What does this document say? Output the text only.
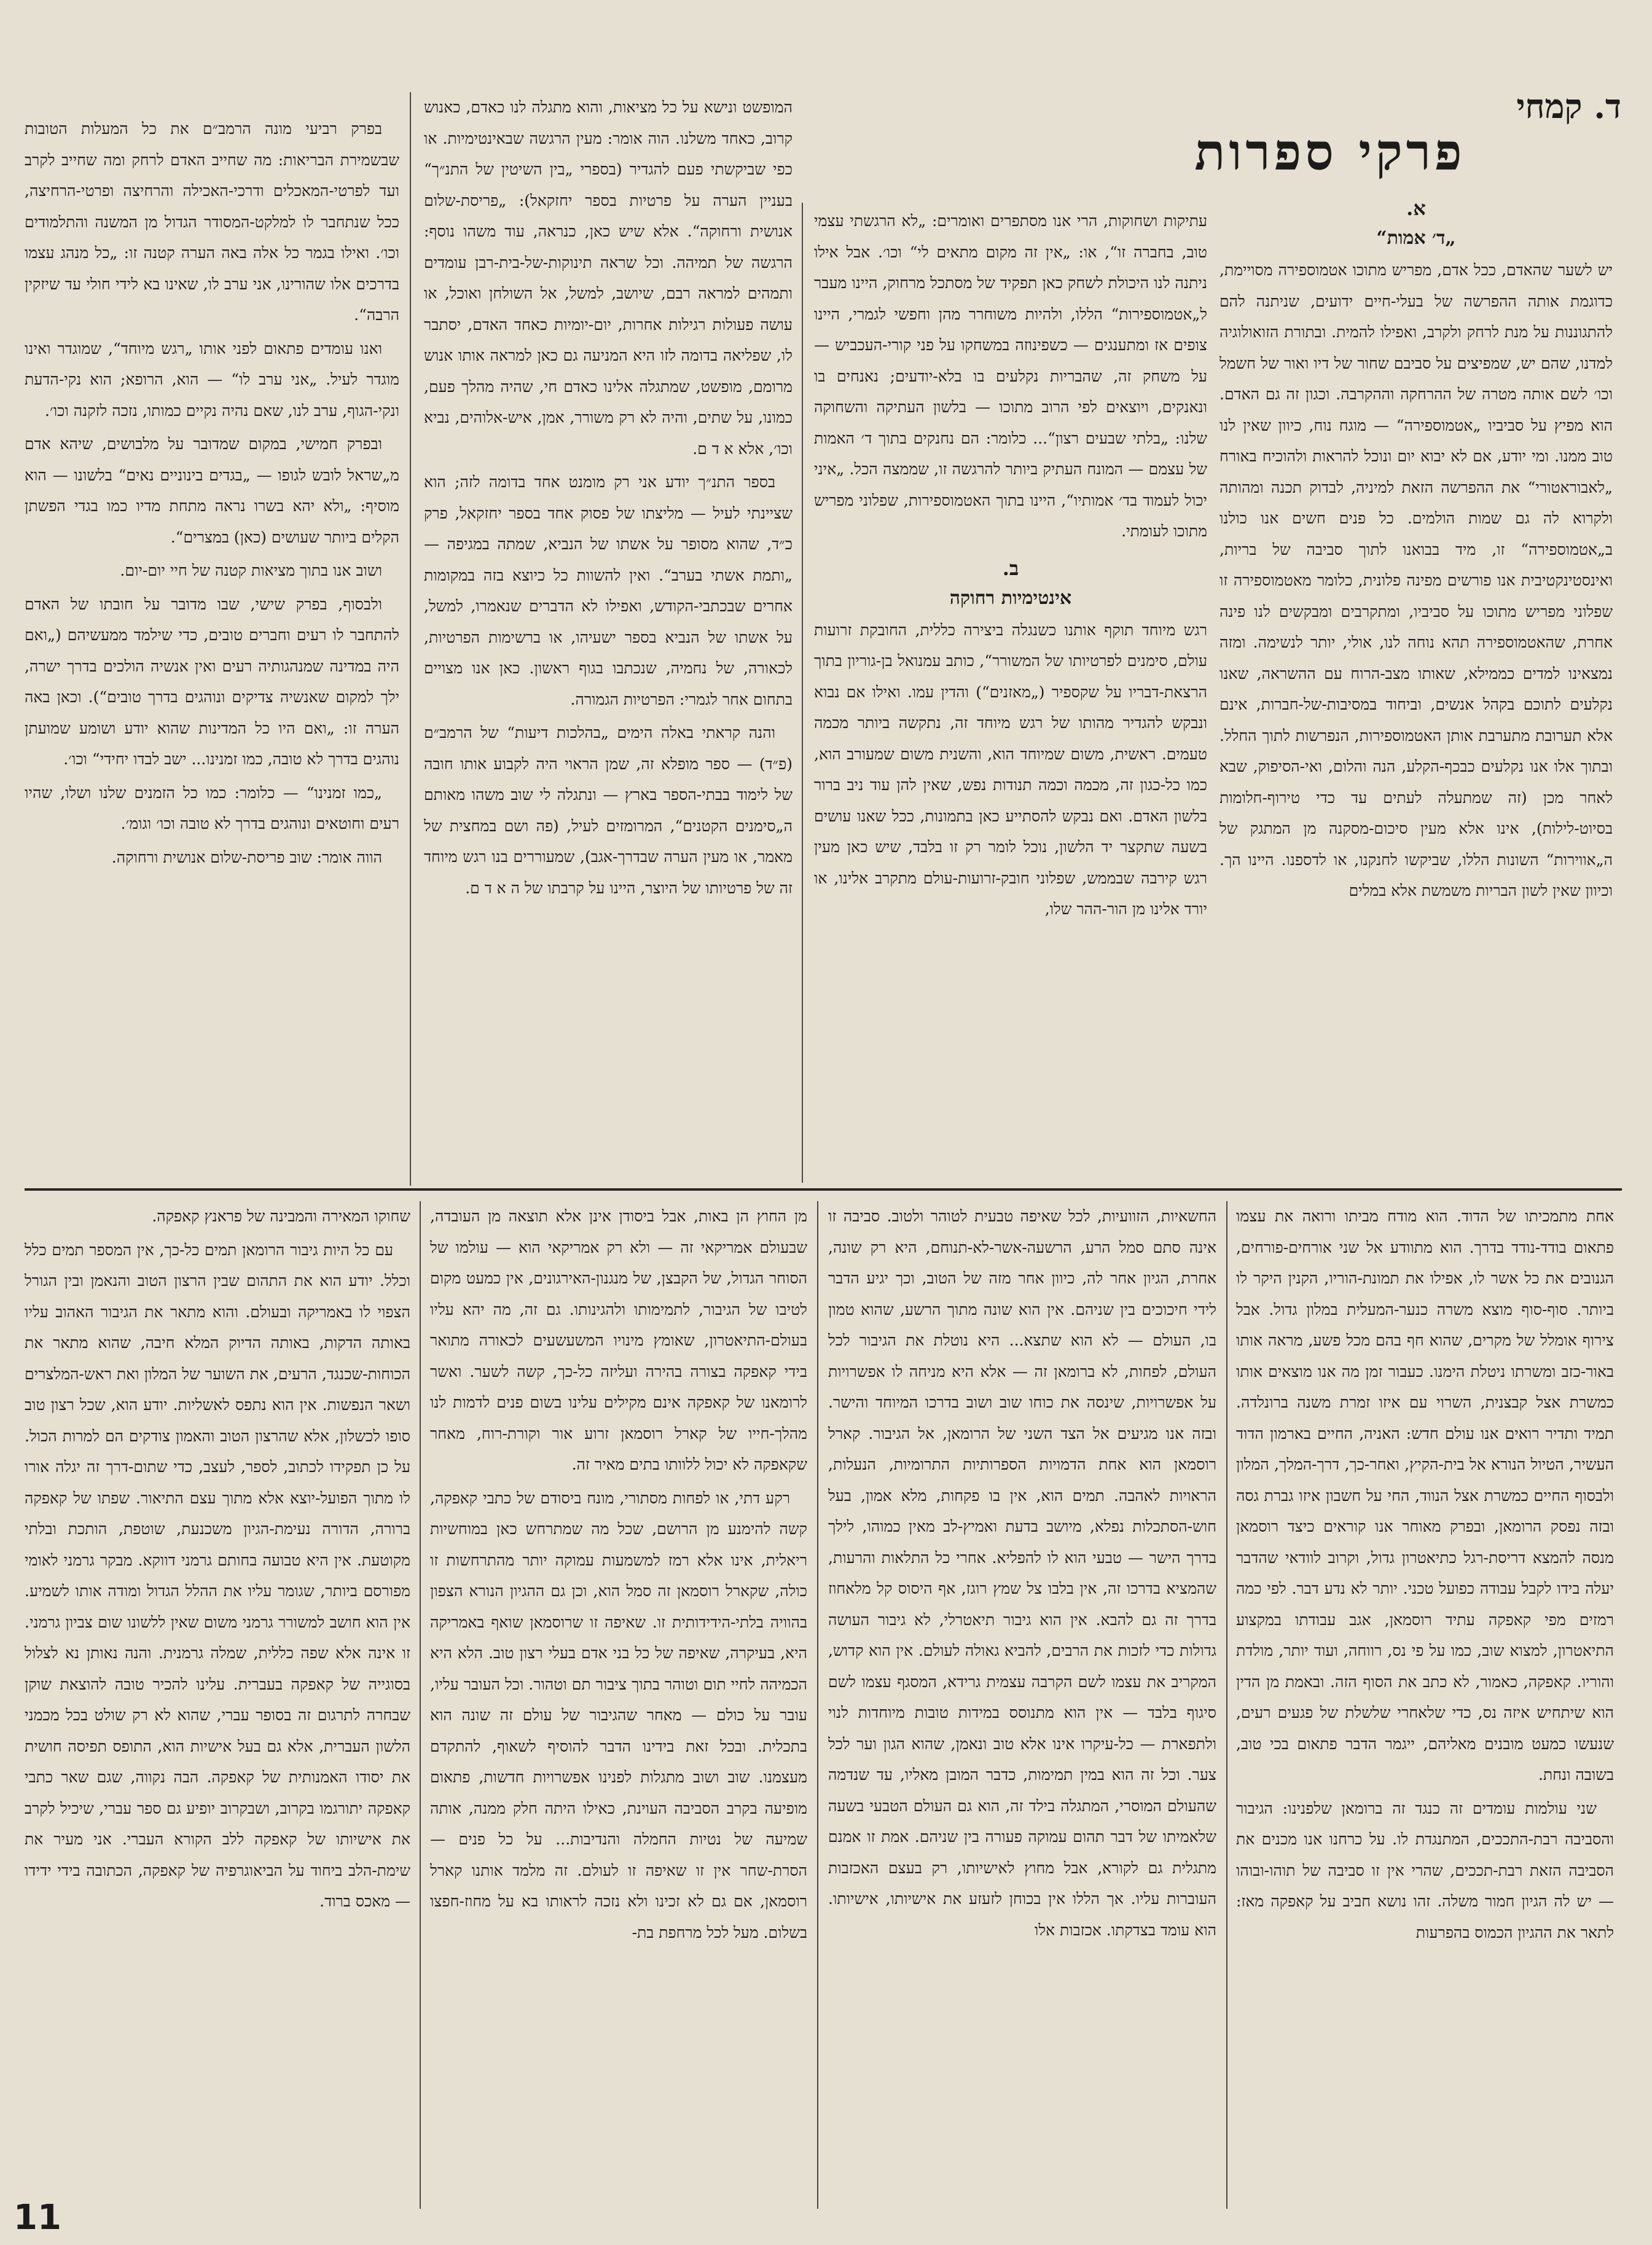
ד. קמחי
פרקי ספרות
א.
„ד׳ אמות“

יש לשער שהאדם, ככל אדם, מפריש מתוכו אטמוספירה מסויימת, כדוגמת אותה ההפרשה של בעלי-חיים ידועים, שניתנה להם להתגוננות על מנת לרחק ולקרב, ואפילו להמית. ובתורת הזואולוגיה למדנו, שהם יש, שמפיצים על סביבם שחור של דיו ואור של חשמל וכו׳ לשם אותה מטרה של ההרחקה וההקרבה. וכגון זה גם האדם. הוא מפיץ על סביביו „אטמוספירה“ — מוגח נוח, כיוון שאין לנו טוב ממנו. ומי יודע, אם לא יבוא יום ונוכל להראות ולהוכיח באורח „לאבוראטורי“ את ההפרשה הזאת למיניה, לבדוק תכנה ומהותה ולקרוא לה גם שמות הולמים. כל פנים חשים אנו כולנו ב„אטמוספירה“ זו, מיד בבואנו לתוך סביבה של בריות, ואינסטינקטיבית אנו פורשים מפינה פלונית, כלומר מאטמוספירה זו שפלוני מפריש מתוכו על סביביו, ומתקרבים ומבקשים לנו פינה אחרת, שהאטמוספירה תהא נוחה לנו, אולי, יותר לנשימה. ומזה נמצאינו למדים כממילא, שאותו מצב-הרוח עם ההשראה, שאנו נקלעים לתוכם בקהל אנשים, וביחוד במסיבות-של-חברות, אינם אלא תערובת מתערבת אותן האטמוספירות, הנפרשות לתוך החלל. ובתוך אלו אנו נקלעים כבכף-הקלע, הנה והלום, ואי-הסיפוק, שבא לאחר מכן (זה שמתעלה לעתים עד כדי טירוף-חלומות בסיוט-לילות), אינו אלא מעין סיכום-מסקנה מן המתגק של ה„אווירות“ השונות הללו, שביקשו לחנקנו, או לדספנו. היינו הך. וכיוון שאין לשון הבריות משמשת אלא במלים

עתיקות ושחוקות, הרי אנו מסתפרים ואומרים: „לא הרגשתי עצמי טוב, בחברה זו“, או: „אין זה מקום מתאים לי“ וכו׳. אבל אילו ניתנה לנו היכולת לשחק כאן תפקיד של מסתכל מרחוק, היינו מעבר ל„אטמוספירות“ הללו, ולהיות משוחרר מהן וחפשי לגמרי, היינו צופים אז ומתענגים — כשפינוזה במשחקו על פני קורי-העכביש — על משחק זה, שהבריות נקלעים בו בלא-יודעים; נאנחים בו ונאנקים, ויוצאים לפי הרוב מתוכו — בלשון העתיקה והשחוקה שלנו: „בלתי שבעים רצון“... כלומר: הם נחנקים בתוך ד׳ האמות של עצמם — המונח העתיק ביותר להרגשה זו, שממצה הכל. „איני יכול לעמוד בד׳ אמותיו“, היינו בתוך האטמוספירות, שפלוני מפריש מתוכו לעומתי.

ב.
אינטימיות רחוקה

רגש מיוחד תוקף אותנו כשנגלה ביצירה כללית, החובקת זרועות עולם, סימנים לפרטיותו של המשורר“, כותב עמנואל בן-גוריון בתוך הרצאת-דבריו על שקספיר („מאזנים“) והדין עמו. ואילו אם נבוא ונבקש להגדיר מהותו של רגש מיוחד זה, נתקשה ביותר מכמה טעמים. ראשית, משום שמיוחד הוא, והשנית משום שמעורב הוא, כמו כל-כגון זה, מכמה וכמה תנודות נפש, שאין להן עוד ניב ברור בלשון האדם. ואם נבקש להסתייע כאן בתמונות, ככל שאנו עושים בשעה שתקצר יד הלשון, נוכל לומר רק זו בלבד, שיש כאן מעין רגש קירבה שבממש, שפלוני חובק-זרועות-עולם מתקרב אלינו, או יורד אלינו מן הור-ההר שלו,

המופשט ונישא על כל מציאות, והוא מתגלה לנו כאדם, כאנוש קרוב, כאחד משלנו. הוה אומר: מעין הרגשה שבאינטימיות. או כפי שביקשתי פעם להגדיר (בספרי „בין השיטין של התנ״ך“ בעניין הערה על פרטיות בספר יחזקאל): „פריסת-שלום אנושית ורחוקה“. אלא שיש כאן, כנראה, עוד משהו נוסף: הרגשה של תמיהה. וכל שראה תינוקות-של-בית-רבן עומדים ותמהים למראה רבם, שיושב, למשל, אל השולחן ואוכל, או עושה פעולות רגילות אחרות, יום-יומיות כאחד האדם, יסתבר לו, שפליאה בדומה לזו היא המניעה גם כאן למראה אותו אנוש מרומם, מופשט, שמתגלה אלינו כאדם חי, שהיה מהלך פעם, כמונו, על שתים, והיה לא רק משורר, אמן, איש-אלוהים, נביא וכו׳, אלא א ד ם.

בספר התנ״ך יודע אני רק מומנט אחד בדומה לזה; הוא שציינתי לעיל — מליצתו של פסוק אחד בספר יחזקאל, פרק כ״ד, שהוא מסופר על אשתו של הנביא, שמתה במגיפה — „ותמת אשתי בערב“. ואין להשוות כל כיוצא בזה במקומות אחרים שבכתבי-הקודש, ואפילו לא הדברים שנאמרו, למשל, על אשתו של הנביא בספר ישעיהו, או ברשימות הפרטיות, לכאורה, של נחמיה, שנכתבו בגוף ראשון. כאן אנו מצויים בתחום אחר לגמרי: הפרטיות הגמורה.

והנה קראתי באלה הימים „בהלכות דיעות“ של הרמב״ם (פ״ד) — ספר מופלא זה, שמן הראוי היה לקבוע אותו חובה של לימוד בבתי-הספר בארץ — ונתגלה לי שוב משהו מאותם ה„סימנים הקטנים“, המרומזים לעיל, (פה ושם במחצית של מאמר, או מעין הערה שבדרך-אגב), שמעוררים בנו רגש מיוחד זה של פרטיותו של היוצר, היינו על קרבתו של ה א ד ם.

בפרק רביעי מונה הרמב״ם את כל המעלות הטובות שבשמירת הבריאות: מה שחייב האדם לרחק ומה שחייב לקרב ועד לפרטי-המאכלים ודרכי-האכילה והרחיצה ופרטי-הרחיצה, ככל שנתחבר לו למלקט-המסודר הגדול מן המשנה והתלמודים וכו׳. ואילו בגמר כל אלה באה הערה קטנה זו: „כל מנהג עצמו בדרכים אלו שהורינו, אני ערב לו, שאינו בא לידי חולי עד שיזקין הרבה“.

ואנו עומדים פתאום לפני אותו „רגש מיוחד“, שמוגדר ואינו מוגדר לעיל. „אני ערב לו“ — הוא, הרופא; הוא נקי-הדעת ונקי-הגוף, ערב לנו, שאם נהיה נקיים כמותו, נזכה לזקנה וכו׳.

ובפרק חמישי, במקום שמדובר על מלבושים, שיהא אדם מ„שראל לובש לגופו — „בגדים בינוניים נאים“ בלשונו — הוא מוסיף: „ולא יהא בשרו נראה מתחת מדיו כמו בגדי הפשתן הקלים ביותר שעושים (כאן) במצרים“.

ושוב אנו בתוך מציאות קטנה של חיי יום-יום.

ולבסוף, בפרק שישי, שבו מדובר על חובתו של האדם להתחבר לו רעים וחברים טובים, כדי שילמד ממעשיהם („ואם היה במדינה שמנהגותיה רעים ואין אנשיה הולכים בדרך ישרה, ילך למקום שאנשיה צדיקים ונוהגים בדרך טובים“). וכאן באה הערה זו: „ואם היו כל המדינות שהוא יודע ושומע שמועתן נוהגים בדרך לא טובה, כמו זמנינו... ישב לבדו יחידי“ וכו׳.

„כמו זמנינו“ — כלומר: כמו כל הזמנים שלנו ושלו, שהיו רעים וחוטאים ונוהגים בדרך לא טובה וכו׳ וגומ׳.

הווה אומר: שוב פריסת-שלום אנושית ורחוקה.

אחת מתמכיתו של הדוד. הוא מודח מביתו ורואה את עצמו פתאום בודד-נודד בדרך. הוא מתוודע אל שני אורחים-פורחים, הגנובים את כל אשר לו, אפילו את תמונת-הוריו, הקנין היקר לו ביותר. סוף-סוף מוצא משרה כנער-המעלית במלון גדול. אבל צירוף אומלל של מקרים, שהוא חף בהם מכל פשע, מראה אותו באור-כזב ומשרתו ניטלת הימנו. כעבור זמן מה אנו מוצאים אותו כמשרת אצל קבצנית, השרוי עם איזו זמרת משנה ברונלדה. תמיד ותדיר רואים אנו עולם חדש: האניה, החיים בארמון הדוד העשיר, הטיול הנורא אל בית-הקיץ, ואחר-כך, דרך-המלך, המלון ולבסוף החיים כמשרת אצל הנווד, החי על חשבון איזו גברת גסה ובזה נפסק הרומאן, ובפרק מאוחר אנו קוראים כיצד רוסמאן מנסה להמצא דריסת-רגל כתיאטרון גדול, וקרוב לוודאי שהדבר יעלה בידו לקבל עבודה כפועל טכני. יותר לא נדע דבר. לפי כמה רמזים מפי קאפקה עתיד רוסמאן, אגב עבודתו במקצוע התיאטרון, למצוא שוב, כמו על פי נס, רווחה, ועוד יותר, מולדת והוריו. קאפקה, כאמור, לא כתב את הסוף הזה. ובאמת מן הדין הוא שיתחיש איזה נס, כדי שלאחרי שלשלת של פגעים רעים, שנעשו כמעט מובנים מאליהם, ייגמר הדבר פתאום בכי טוב, בשובה ונחת.

שני עולמות עומדים זה כנגד זה ברומאן שלפנינו: הגיבור והסביבה רבת-התככים, המתנגדת לו. על כרחנו אנו מכנים את הסביבה הזאת רבת-תככים, שהרי אין זו סביבה של תוהו-ובוהו — יש לה הגיון חמור משלה. זהו נושא חביב על קאפקה מאז: לתאר את ההגיון הכמוס בהפרעות

החשאיות, הזוועיות, לכל שאיפה טבעית לטוהר ולטוב. סביבה זו אינה סתם סמל הרע, הרשעה-אשר-לא-תנוחם, היא רק שונה, אחרת, הגיון אחר לה, כיוון אחר מזה של הטוב, וכך יגיע הדבר לידי חיכוכים בין שניהם. אין הוא שונה מתוך הרשע, שהוא טמון בו, העולם — לא הוא שתצא... היא נוטלת את הגיבור לכל העולם, לפחות, לא ברומאן זה — אלא היא מניחה לו אפשרויות על אפשרויות, שינסה את כוחו שוב ושוב בדרכו המיוחד והישר. ובזה אנו מגיעים אל הצד השני של הרומאן, אל הגיבור. קארל רוסמאן הוא אחת הדמויות הספרותיות התרומיות, הנעלות, הראויות לאהבה. תמים הוא, אין בו פקחות, מלא אמון, בעל חוש-הסתכלות נפלא, מיושב בדעת ואמיץ-לב מאין כמוהו, לילך בדרך הישר — טבעי הוא לו להפליא. אחרי כל התלאות והרעות, שהמציא בדרכו זה, אין בלבו צל שמץ רוגז, אף היסוס קל מלאחוז בדרך זה גם להבא. אין הוא גיבור תיאטרלי, לא גיבור העושה גדולות כדי לזכות את הרבים, להביא גאולה לעולם. אין הוא קדוש, המקריב את עצמו לשם הקרבה עצמית גרידא, המסגף עצמו לשם סיגוף בלבד — אין הוא מתנוסס במידות טובות מיוחדות לנוי ולתפארת — כל-עיקרו אינו אלא טוב ונאמן, שהוא הגון וער לכל צער. וכל זה הוא במין תמימות, כדבר המובן מאליו, עד שנדמה שהעולם המוסרי, המתגלה בילד זה, הוא גם העולם הטבעי בשעה שלאמיתו של דבר תהום עמוקה פעורה בין שניהם. אמת זו אמנם מתגלית גם לקורא, אבל מחוץ לאישיותו, רק בעצם האכזבות העוברות עליו. אך הללו אין בכוחן לזעזע את אישיותו, אישיותו. הוא עומד בצדקתו. אכזבות אלו

מן החוץ הן באות, אבל ביסודן אינן אלא תוצאה מן העובדה, שבעולם אמריקאי זה — ולא רק אמריקאי הוא — עולמו של הסוחר הגדול, של הקבצן, של מנגנון-האירגונים, אין כמעט מקום לטיבו של הגיבור, לתמימותו ולהגינותו. גם זה, מה יהא עליו בעולם-התיאטרון, שאומץ מינויו המשעשעים לכאורה מתואר בידי קאפקה בצורה בהירה ועליזה כל-כך, קשה לשער. ואשר לרומאנו של קאפקה אינם מקילים עלינו בשום פנים לדמות לנו מהלך-חייו של קארל רוסמאן זרוע אור וקורת-רוח, מאחר שקאפקה לא יכול ללוותו בתים מאיר זה.

רקע דתי, או לפחות מסתורי, מונח ביסודם של כתבי קאפקה, קשה להימנע מן הרושם, שכל מה שמתרחש כאן במוחשיות ריאלית, אינו אלא רמז למשמעות עמוקה יותר מהתרחשות זו כולה, שקארל רוסמאן זה סמל הוא, וכן גם ההגיון הנורא הצפון בהוויה בלתי-הידידותית זו. שאיפה זו שרוסמאן שואף באמריקה היא, בעיקרה, שאיפה של כל בני אדם בעלי רצון טוב. הלא היא הכמיהה לחיי תום וטוהר בתוך ציבור תם וטהור. וכל העובר עליו, עובר על כולם — מאחר שהגיבור של עולם זה שונה הוא בתכלית. ובכל זאת בידינו הדבר להוסיף לשאוף, להתקדם מעצמנו. שוב ושוב מתגלות לפנינו אפשרויות חדשות, פתאום מופיעה בקרב הסביבה העוינת, כאילו היתה חלק ממנה, אותה שמיעה של נטיות החמלה והנדיבות... על כל פנים — הסרת-שחר אין זו שאיפה זו לעולם. זה מלמד אותנו קארל רוסמאן, אם גם לא זכינו ולא נזכה לראותו בא על מחוז-חפצו בשלום. מעל לכל מרחפת בת-

שחוקו המאירה והמבינה של פראנץ קאפקה.

עם כל היות גיבור הרומאן תמים כל-כך, אין המספר תמים כלל וכלל. יודע הוא את התהום שבין הרצון הטוב והנאמן ובין הגורל הצפוי לו באמריקה ובעולם. והוא מתאר את הגיבור האהוב עליו באותה הדקות, באותה הדיוק המלא חיבה, שהוא מתאר את הכוחות-שכנגד, הרעים, את השוער של המלון ואת ראש-המלצרים ושאר הנפשות. אין הוא נתפס לאשליות. יודע הוא, שכל רצון טוב סופו לכשלון, אלא שהרצון הטוב והאמון צודקים הם למרות הכול. על כן תפקידו לכתוב, לספר, לעצב, כדי שתום-דרך זה יגלה אורו לו מתוך הפועל-יוצא אלא מתוך עצם התיאור. שפתו של קאפקה ברורה, הדורה נעימת-הגיון משכנעת, שוטפת, הותכת ובלתי מקוטעת. אין היא טבועה בחותם גרמני דווקא. מבקר גרמני לאומי מפורסם ביותר, שגומר עליו את ההלל הגדול ומודה אותו לשמיע. אין הוא חושב למשורר גרמני משום שאין ללשונו שום צביון גרמני. זו אינה אלא שפה כללית, שמלה גרמנית. והנה נאותן נא לצלול בסוגייה של קאפקה בעברית. עלינו להכיר טובה להוצאת שוקן שבחרה לתרגום זה בסופר עברי, שהוא לא רק שולט בכל מכמני הלשון העברית, אלא גם בעל אישיות הוא, התופס תפיסה חושית את יסודו האמנותית של קאפקה. הבה נקווה, שגם שאר כתבי קאפקה יתורגמו בקרוב, ושבקרוב יופיע גם ספר עברי, שיכיל לקרב את אישיותו של קאפקה ללב הקורא העברי. אני מעיר את שימת-הלב ביחוד על הביאוגרפיה של קאפקה, הכתובה בידי ידידו — מאכס ברוד.

11
